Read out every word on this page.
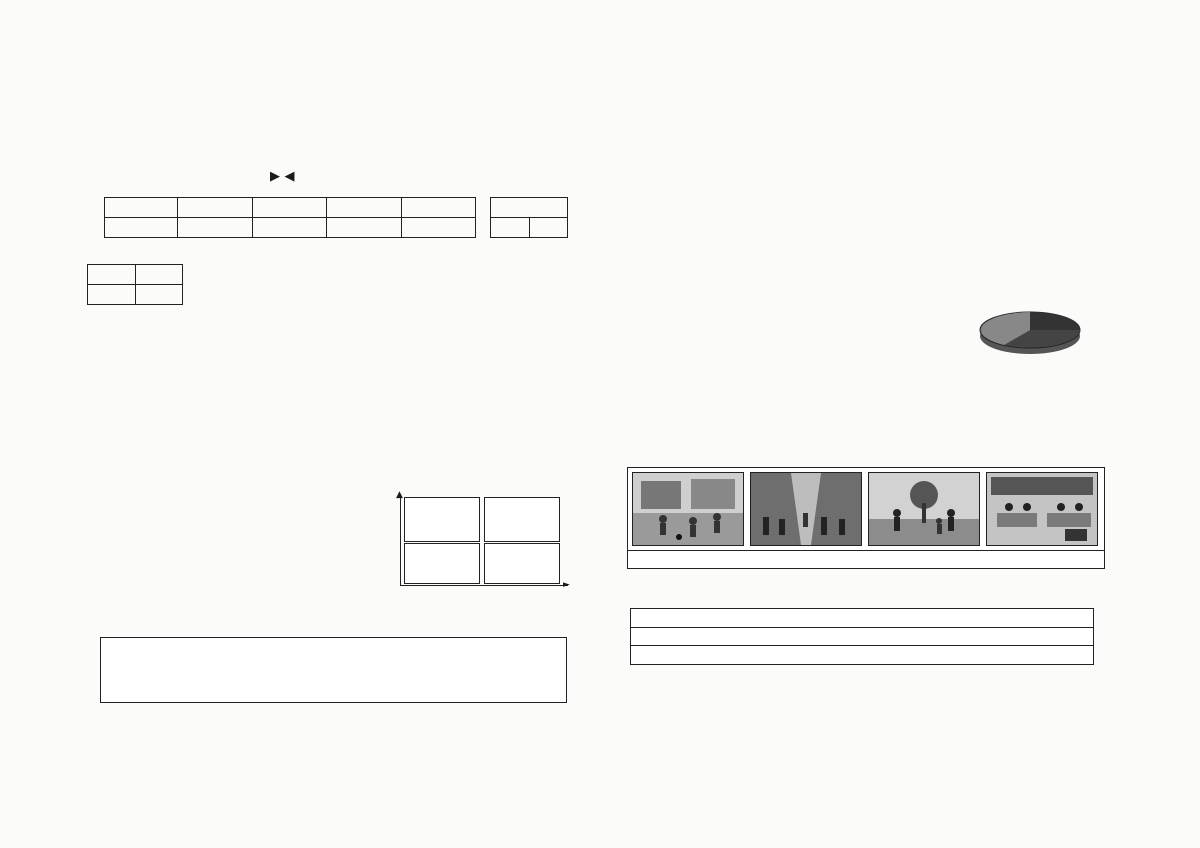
▶ ◀

►
▲
